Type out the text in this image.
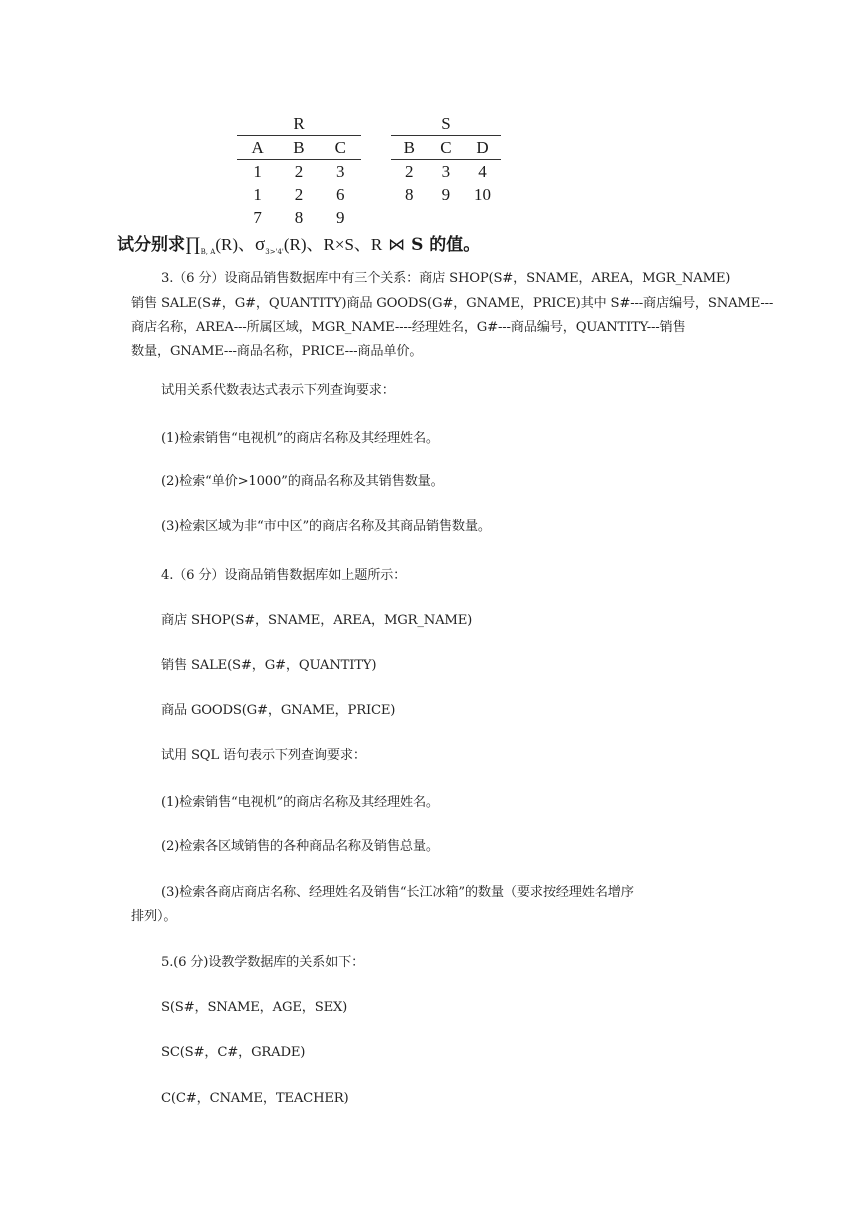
R
A	B	C
1	2	3
1	2	6
7	8	9
S
B	C	D
2	3	4
8	9	10
试分别求$\prod_{B, A}(R)$、$\sigma_{3>'4'}(R)$、R×S、R ⋈ S 的值。
3.（6 分）设商品销售数据库中有三个关系：商店 SHOP(S#，SNAME，AREA，MGR_NAME)
销售 SALE(S#，G#，QUANTITY)商品 GOODS(G#，GNAME，PRICE)其中 S#---商店编号，SNAME---
商店名称，AREA---所属区域，MGR_NAME----经理姓名，G#---商品编号，QUANTITY---销售
数量，GNAME---商品名称，PRICE---商品单价。
试用关系代数表达式表示下列查询要求：
(1)检索销售“电视机”的商店名称及其经理姓名。
(2)检索“单价>1000”的商品名称及其销售数量。
(3)检索区域为非“市中区”的商店名称及其商品销售数量。
4.（6 分）设商品销售数据库如上题所示：
商店 SHOP(S#，SNAME，AREA，MGR_NAME)
销售 SALE(S#，G#，QUANTITY)
商品 GOODS(G#，GNAME，PRICE)
试用 SQL 语句表示下列查询要求：
(1)检索销售“电视机”的商店名称及其经理姓名。
(2)检索各区域销售的各种商品名称及销售总量。
(3)检索各商店商店名称、经理姓名及销售“长江冰箱”的数量（要求按经理姓名增序
排列）。
5.(6 分)设教学数据库的关系如下：
S(S#，SNAME，AGE，SEX)
SC(S#，C#，GRADE)
C(C#，CNAME，TEACHER)
